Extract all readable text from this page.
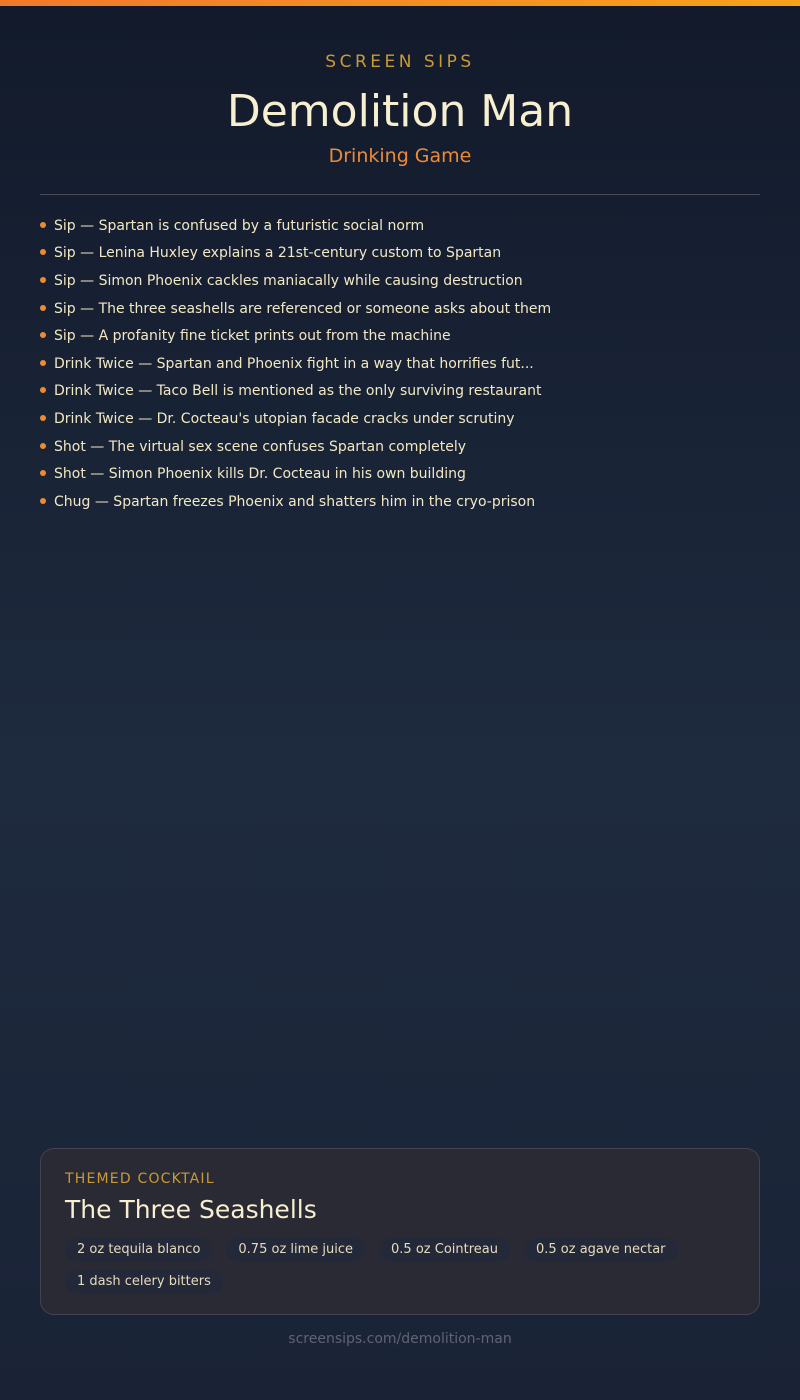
SCREEN SIPS
Demolition Man
Drinking Game
Sip — Spartan is confused by a futuristic social norm
Sip — Lenina Huxley explains a 21st-century custom to Spartan
Sip — Simon Phoenix cackles maniacally while causing destruction
Sip — The three seashells are referenced or someone asks about them
Sip — A profanity fine ticket prints out from the machine
Drink Twice — Spartan and Phoenix fight in a way that horrifies fut...
Drink Twice — Taco Bell is mentioned as the only surviving restaurant
Drink Twice — Dr. Cocteau's utopian facade cracks under scrutiny
Shot — The virtual sex scene confuses Spartan completely
Shot — Simon Phoenix kills Dr. Cocteau in his own building
Chug — Spartan freezes Phoenix and shatters him in the cryo-prison
THEMED COCKTAIL
The Three Seashells
2 oz tequila blanco	0.75 oz lime juice	0.5 oz Cointreau	0.5 oz agave nectar
1 dash celery bitters
screensips.com/demolition-man
